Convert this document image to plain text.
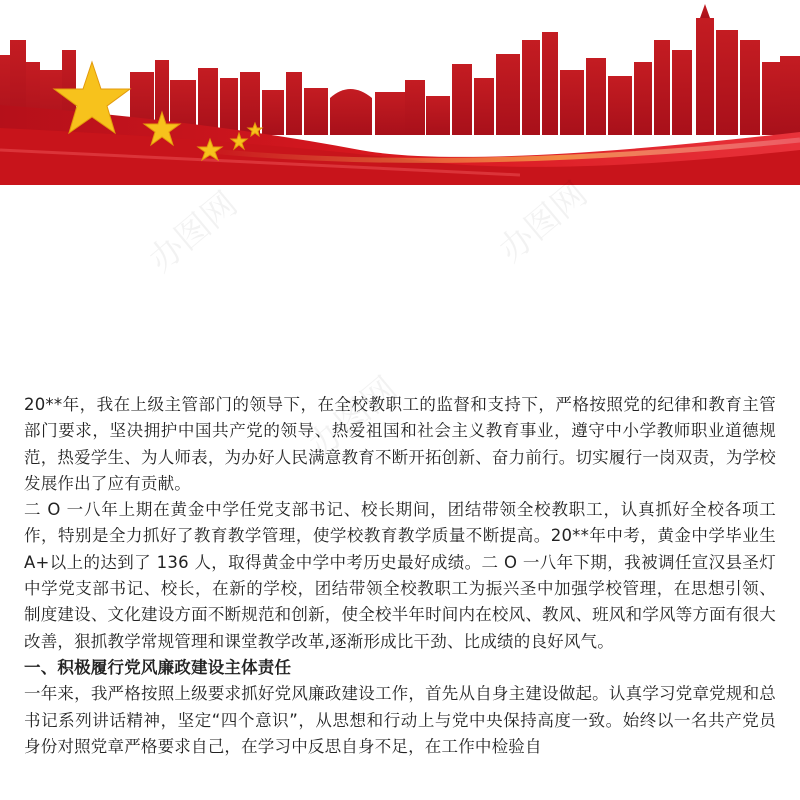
办图网	办图网
办图网

20**年，我在上级主管部门的领导下，在全校教职工的监督和支持下，严格按照党的纪律和教育主管部门要求，坚决拥护中国共产党的领导、热爱祖国和社会主义教育事业，遵守中小学教师职业道德规范，热爱学生、为人师表，为办好人民满意教育不断开拓创新、奋力前行。切实履行一岗双责，为学校发展作出了应有贡献。

二 O 一八年上期在黄金中学任党支部书记、校长期间，团结带领全校教职工，认真抓好全校各项工作，特别是全力抓好了教育教学管理，使学校教育教学质量不断提高。20**年中考，黄金中学毕业生 A+以上的达到了 136 人，取得黄金中学中考历史最好成绩。二 O 一八年下期，我被调任宣汉县圣灯中学党支部书记、校长，在新的学校，团结带领全校教职工为振兴圣中加强学校管理，在思想引领、 制度建设、文化建设方面不断规范和创新，使全校半年时间内在校风、教风、班风和学风等方面有很大改善，狠抓教学常规管理和课堂教学改革,逐渐形成比干劲、比成绩的良好风气。

一、积极履行党风廉政建设主体责任

一年来，我严格按照上级要求抓好党风廉政建设工作，首先从自身主建设做起。认真学习党章党规和总书记系列讲话精神，坚定“四个意识”，从思想和行动上与党中央保持高度一致。始终以一名共产党员身份对照党章严格要求自己，在学习中反思自身不足，在工作中检验自
